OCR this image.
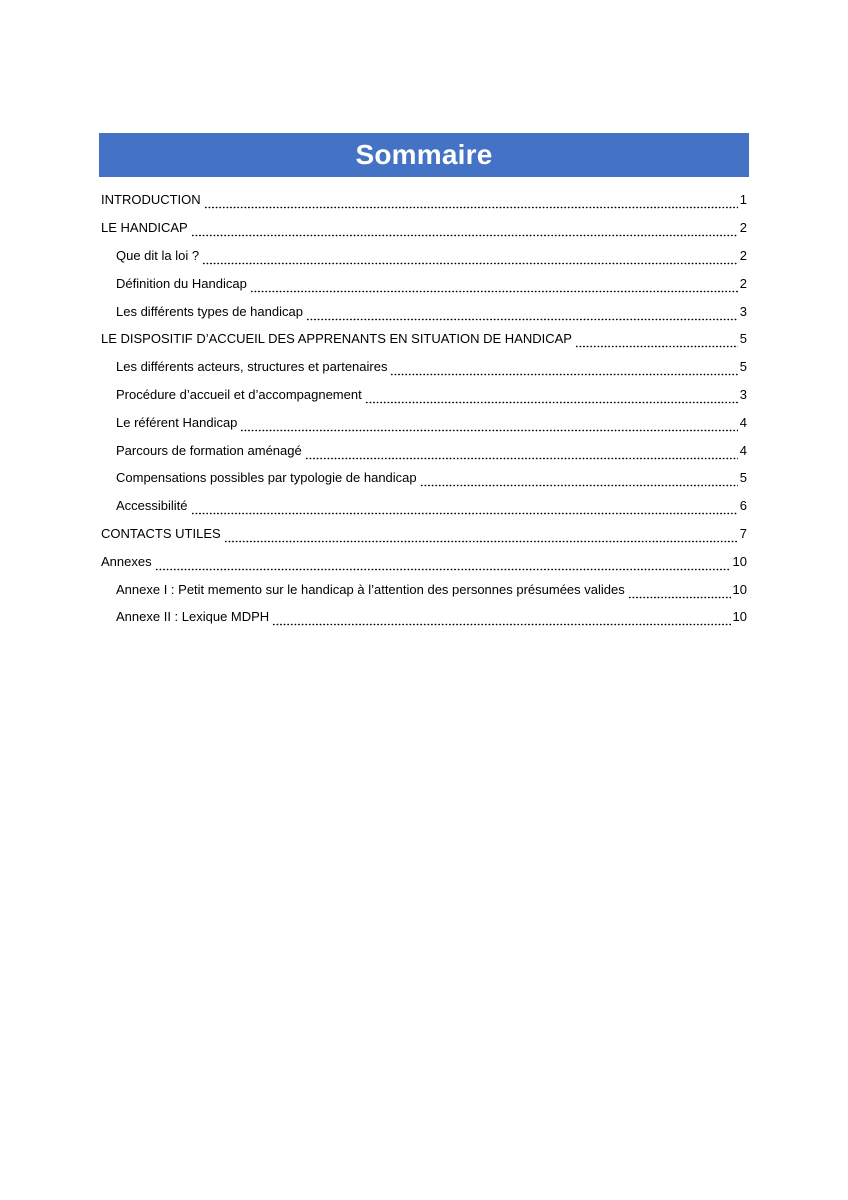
Sommaire
INTRODUCTION	1
LE HANDICAP	2
Que dit la loi ?	2
Définition du Handicap	2
Les différents types de handicap	3
LE DISPOSITIF D’ACCUEIL DES APPRENANTS EN SITUATION DE HANDICAP	5
Les différents acteurs, structures et partenaires	5
Procédure d’accueil et d’accompagnement	3
Le référent Handicap	4
Parcours de formation aménagé	4
Compensations possibles par typologie de handicap	5
Accessibilité	6
CONTACTS UTILES	7
Annexes	10
Annexe I : Petit memento sur le handicap à l’attention des personnes présumées valides	10
Annexe II : Lexique MDPH	10
